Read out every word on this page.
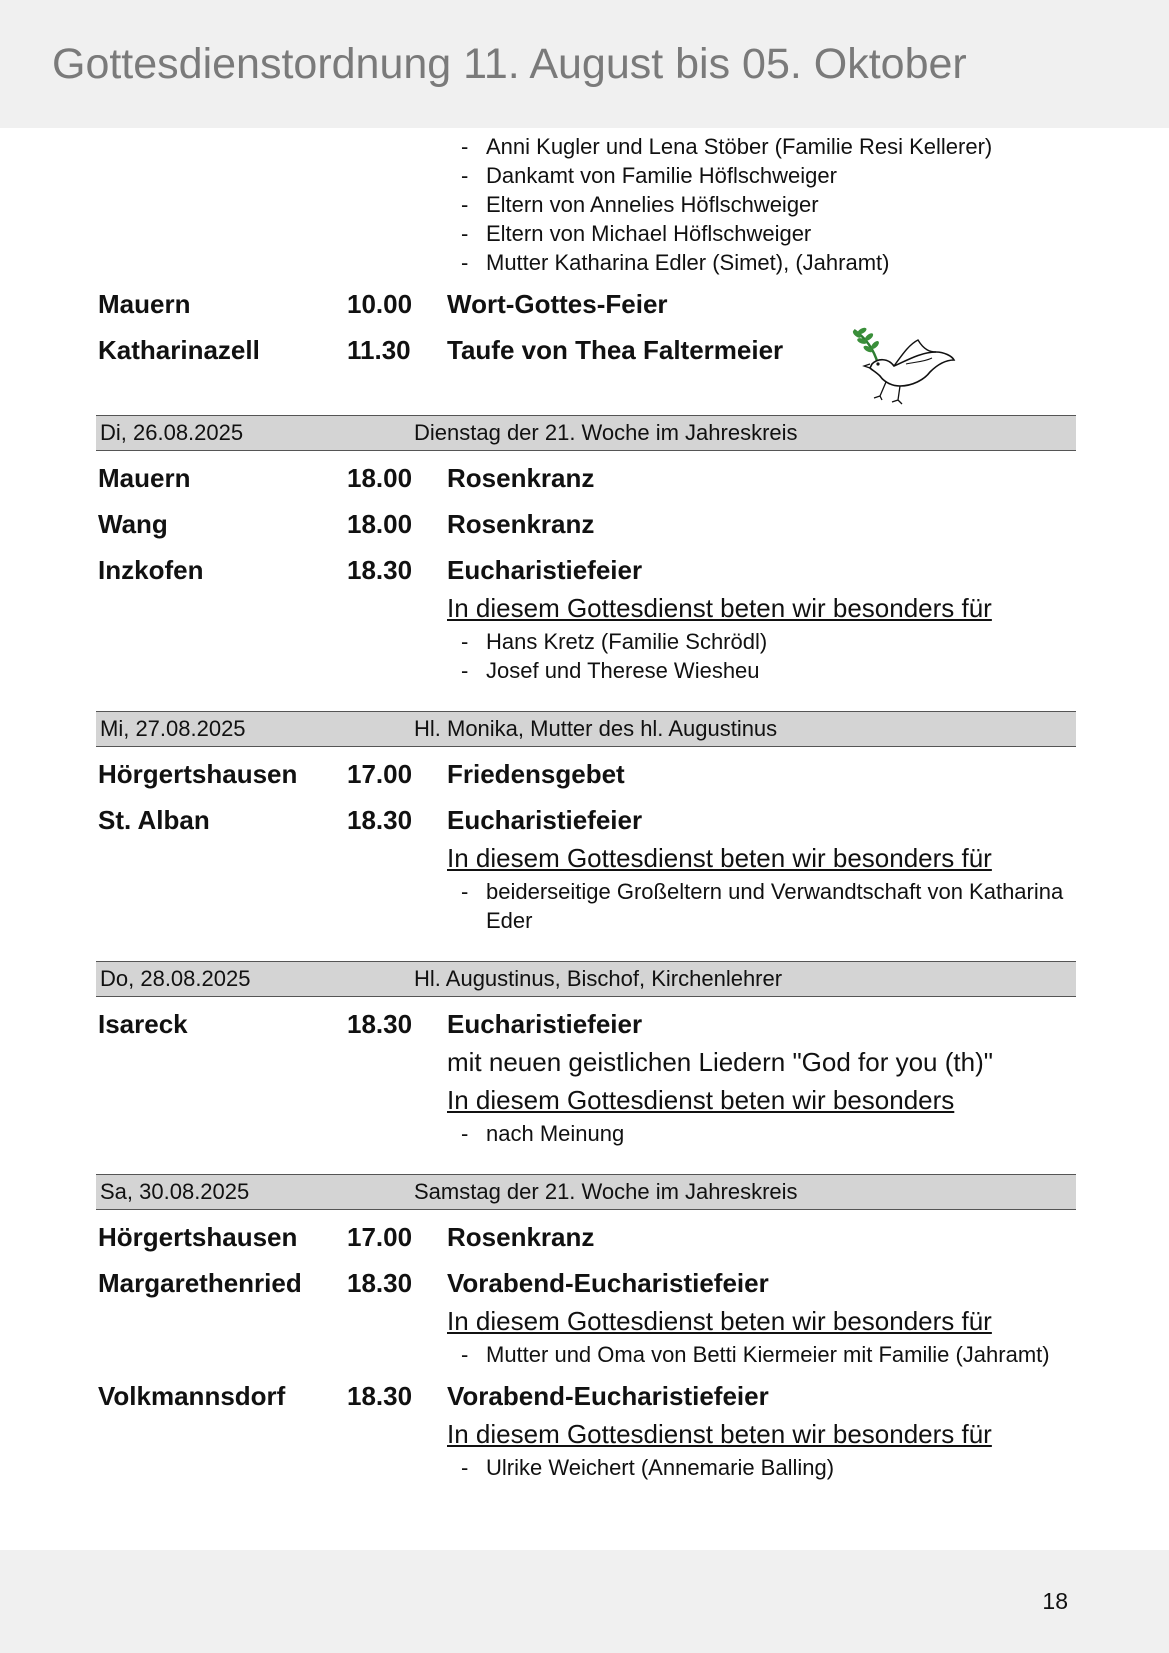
Gottesdienstordnung 11. August bis 05. Oktober
- Anni Kugler und Lena Stöber (Familie Resi Kellerer)
- Dankamt von Familie Höflschweiger
- Eltern von Annelies Höflschweiger
- Eltern von Michael Höflschweiger
- Mutter Katharina Edler (Simet), (Jahramt)
Mauern	10.00	Wort-Gottes-Feier
Katharinazell	11.30	Taufe von Thea Faltermeier
Di, 26.08.2025	Dienstag der 21. Woche im Jahreskreis
Mauern	18.00	Rosenkranz
Wang	18.00	Rosenkranz
Inzkofen	18.30	Eucharistiefeier
In diesem Gottesdienst beten wir besonders für
- Hans Kretz (Familie Schrödl)
- Josef und Therese Wiesheu
Mi, 27.08.2025	Hl. Monika, Mutter des hl. Augustinus
Hörgertshausen	17.00	Friedensgebet
St. Alban	18.30	Eucharistiefeier
In diesem Gottesdienst beten wir besonders für
- beiderseitige Großeltern und Verwandtschaft von Katharina Eder
Do, 28.08.2025	Hl. Augustinus, Bischof, Kirchenlehrer
Isareck	18.30	Eucharistiefeier
mit neuen geistlichen Liedern "God for you (th)"
In diesem Gottesdienst beten wir besonders
- nach Meinung
Sa, 30.08.2025	Samstag der 21. Woche im Jahreskreis
Hörgertshausen	17.00	Rosenkranz
Margarethenried	18.30	Vorabend-Eucharistiefeier
In diesem Gottesdienst beten wir besonders für
- Mutter und Oma von Betti Kiermeier mit Familie (Jahramt)
Volkmannsdorf	18.30	Vorabend-Eucharistiefeier
In diesem Gottesdienst beten wir besonders für
- Ulrike Weichert (Annemarie Balling)
18
